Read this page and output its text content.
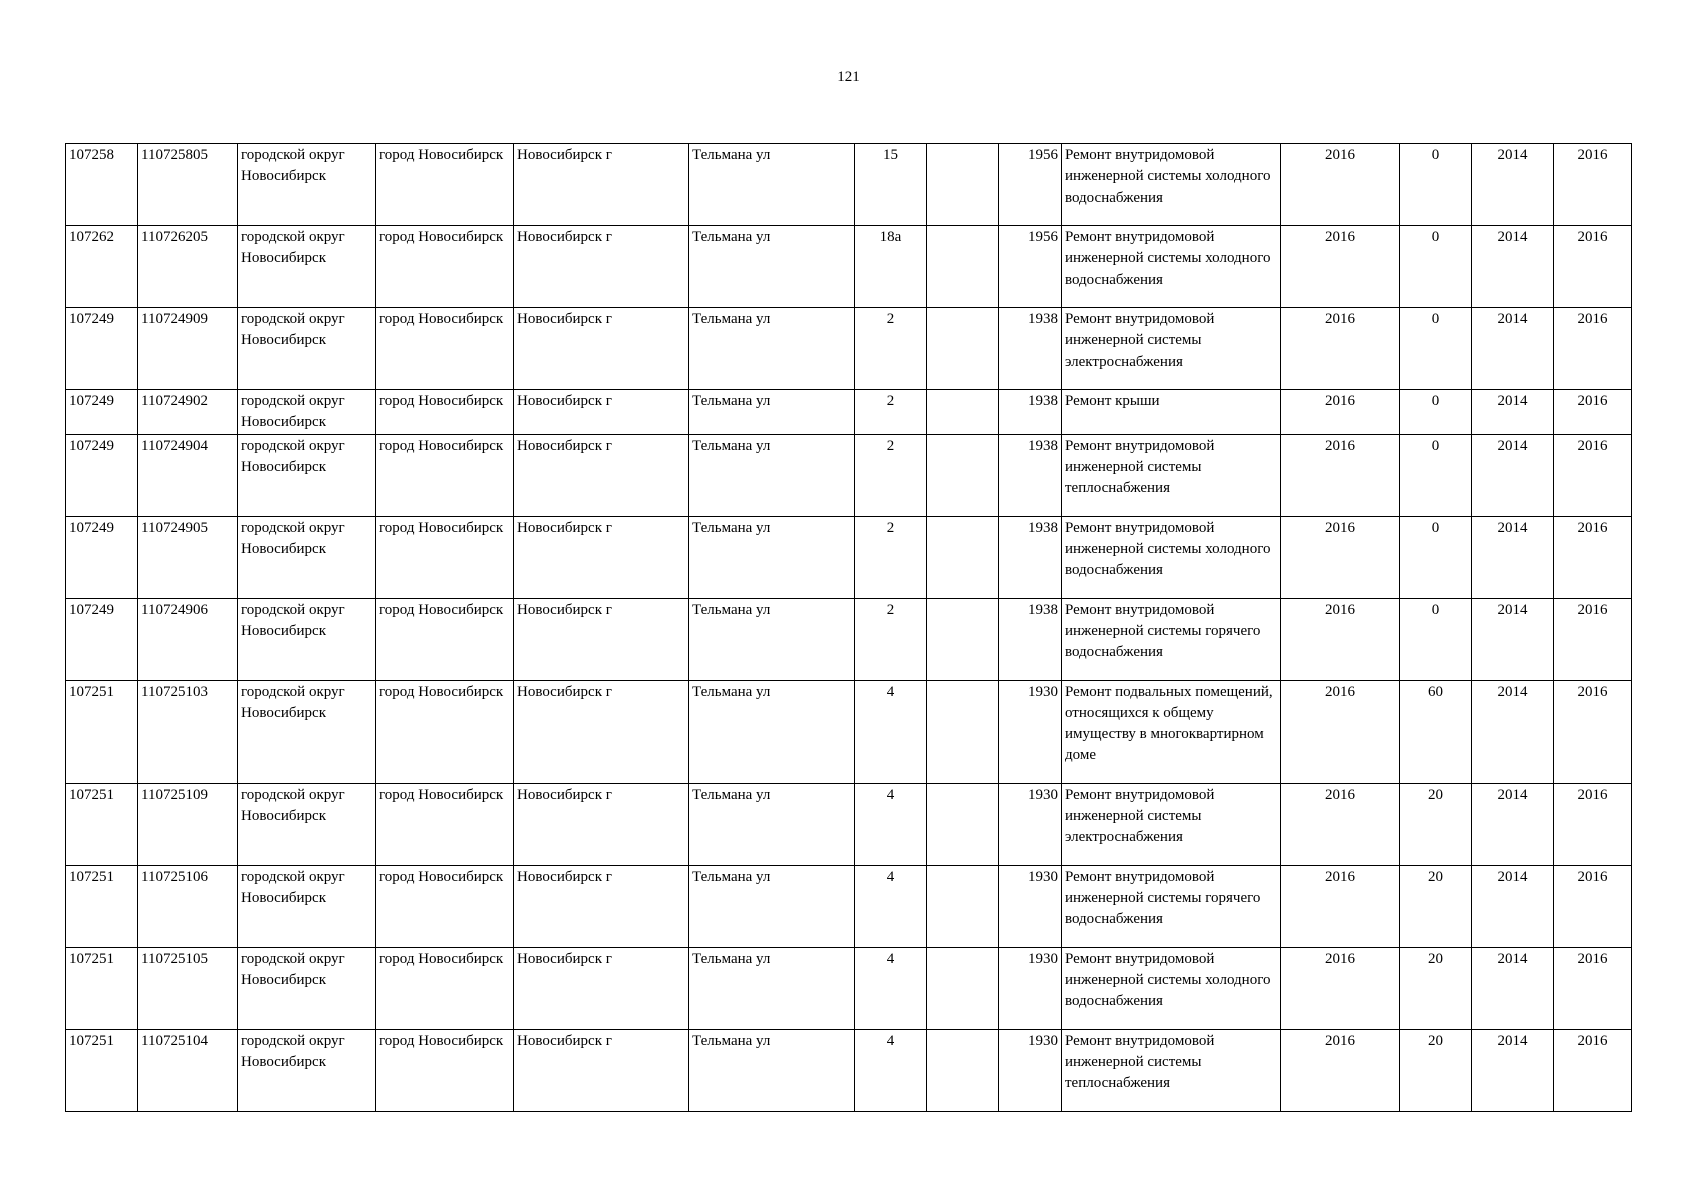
121
107258	110725805	городской округ Новосибирск	город Новосибирск	Новосибирск г	Тельмана ул	15		1956	Ремонт внутридомовой инженерной системы холодного водоснабжения	2016	0	2014	2016
107262	110726205	городской округ Новосибирск	город Новосибирск	Новосибирск г	Тельмана ул	18а		1956	Ремонт внутридомовой инженерной системы холодного водоснабжения	2016	0	2014	2016
107249	110724909	городской округ Новосибирск	город Новосибирск	Новосибирск г	Тельмана ул	2		1938	Ремонт внутридомовой инженерной системы электроснабжения	2016	0	2014	2016
107249	110724902	городской округ Новосибирск	город Новосибирск	Новосибирск г	Тельмана ул	2		1938	Ремонт крыши	2016	0	2014	2016
107249	110724904	городской округ Новосибирск	город Новосибирск	Новосибирск г	Тельмана ул	2		1938	Ремонт внутридомовой инженерной системы теплоснабжения	2016	0	2014	2016
107249	110724905	городской округ Новосибирск	город Новосибирск	Новосибирск г	Тельмана ул	2		1938	Ремонт внутридомовой инженерной системы холодного водоснабжения	2016	0	2014	2016
107249	110724906	городской округ Новосибирск	город Новосибирск	Новосибирск г	Тельмана ул	2		1938	Ремонт внутридомовой инженерной системы горячего водоснабжения	2016	0	2014	2016
107251	110725103	городской округ Новосибирск	город Новосибирск	Новосибирск г	Тельмана ул	4		1930	Ремонт подвальных помещений, относящихся к общему имуществу в многоквартирном доме	2016	60	2014	2016
107251	110725109	городской округ Новосибирск	город Новосибирск	Новосибирск г	Тельмана ул	4		1930	Ремонт внутридомовой инженерной системы электроснабжения	2016	20	2014	2016
107251	110725106	городской округ Новосибирск	город Новосибирск	Новосибирск г	Тельмана ул	4		1930	Ремонт внутридомовой инженерной системы горячего водоснабжения	2016	20	2014	2016
107251	110725105	городской округ Новосибирск	город Новосибирск	Новосибирск г	Тельмана ул	4		1930	Ремонт внутридомовой инженерной системы холодного водоснабжения	2016	20	2014	2016
107251	110725104	городской округ Новосибирск	город Новосибирск	Новосибирск г	Тельмана ул	4		1930	Ремонт внутридомовой инженерной системы теплоснабжения	2016	20	2014	2016
